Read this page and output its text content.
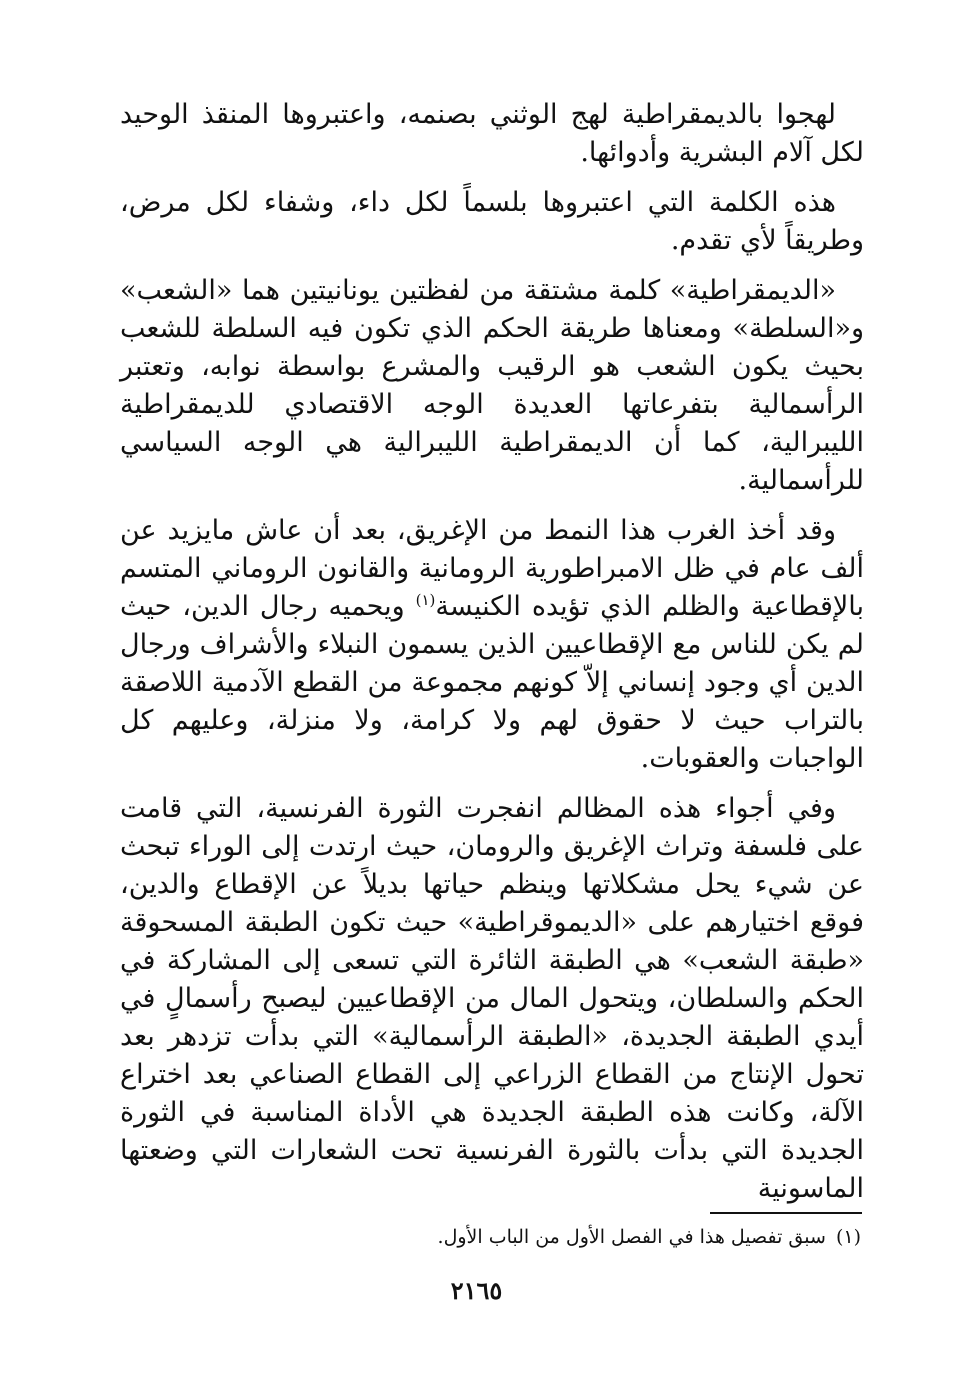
لهجوا بالديمقراطية لهج الوثني بصنمه، واعتبروها المنقذ الوحيد لكل آلام البشرية وأدوائها.

هذه الكلمة التي اعتبروها بلسماً لكل داء، وشفاء لكل مرض، وطريقاً لأي تقدم.

«الديمقراطية» كلمة مشتقة من لفظتين يونانيتين هما «الشعب» و«السلطة» ومعناها طريقة الحكم الذي تكون فيه السلطة للشعب بحيث يكون الشعب هو الرقيب والمشرع بواسطة نوابه، وتعتبر الرأسمالية بتفرعاتها العديدة الوجه الاقتصادي للديمقراطية الليبرالية، كما أن الديمقراطية الليبرالية هي الوجه السياسي للرأسمالية.

وقد أخذ الغرب هذا النمط من الإغريق، بعد أن عاش مايزيد عن ألف عام في ظل الامبراطورية الرومانية والقانون الروماني المتسم بالإقطاعية والظلم الذي تؤيده الكنيسة$^{(١)}$ ويحميه رجال الدين، حيث لم يكن للناس مع الإقطاعيين الذين يسمون النبلاء والأشراف ورجال الدين أي وجود إنساني إلاّ كونهم مجموعة من القطع الآدمية اللاصقة بالتراب حيث لا حقوق لهم ولا كرامة، ولا منزلة، وعليهم كل الواجبات والعقوبات.

وفي أجواء هذه المظالم انفجرت الثورة الفرنسية، التي قامت على فلسفة وتراث الإغريق والرومان، حيث ارتدت إلى الوراء تبحث عن شيء يحل مشكلاتها وينظم حياتها بديلاً عن الإقطاع والدين، فوقع اختيارهم على «الديموقراطية» حيث تكون الطبقة المسحوقة «طبقة الشعب» هي الطبقة الثائرة التي تسعى إلى المشاركة في الحكم والسلطان، ويتحول المال من الإقطاعيين ليصبح رأسمالٍ في أيدي الطبقة الجديدة، «الطبقة الرأسمالية» التي بدأت تزدهر بعد تحول الإنتاج من القطاع الزراعي إلى القطاع الصناعي بعد اختراع الآلة، وكانت هذه الطبقة الجديدة هي الأداة المناسبة في الثورة الجديدة التي بدأت بالثورة الفرنسية تحت الشعارات التي وضعتها الماسونية

(١)سبق تفصيل هذا في الفصل الأول من الباب الأول.
٢١٦٥
